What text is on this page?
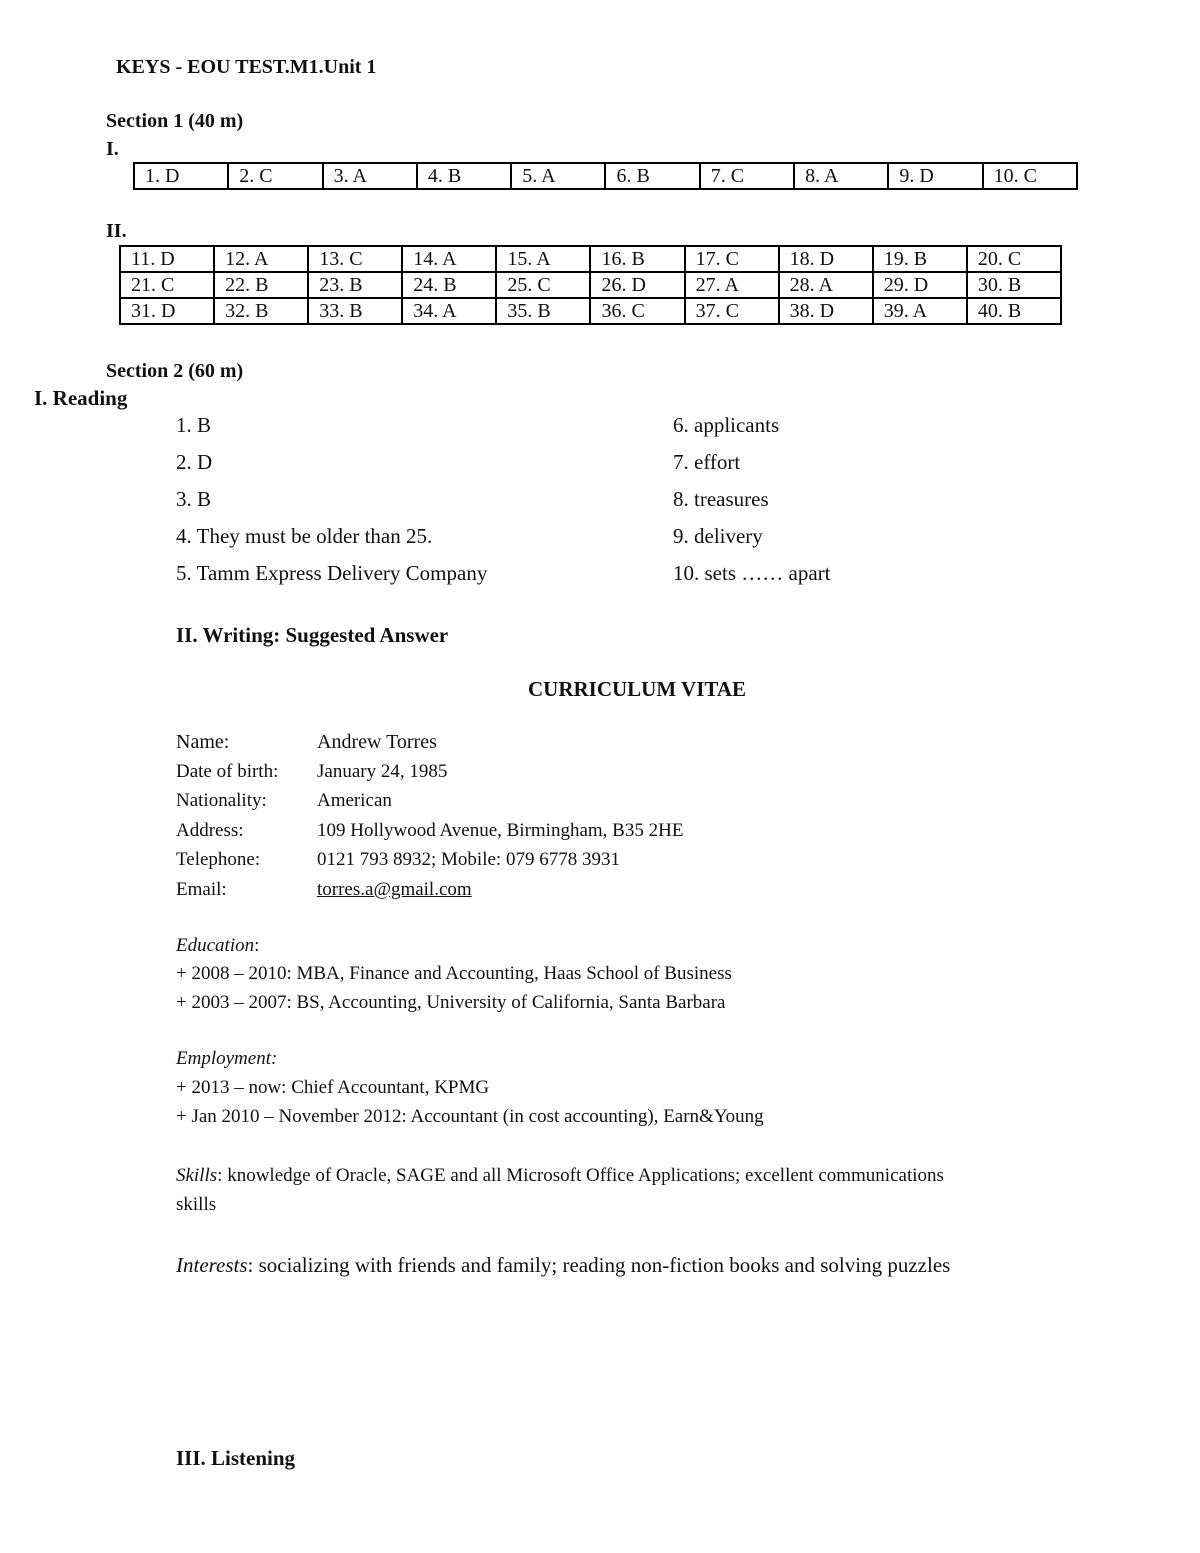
KEYS - EOU TEST.M1.Unit 1
Section 1 (40 m)
I.
1. D	2. C	3. A	4. B	5. A	6. B	7. C	8. A	9. D	10. C
II.
11. D	12. A	13. C	14. A	15. A	16. B	17. C	18. D	19. B	20. C
21. C	22. B	23. B	24. B	25. C	26. D	27. A	28. A	29. D	30. B
31. D	32. B	33. B	34. A	35. B	36. C	37. C	38. D	39. A	40. B
Section 2 (60 m)
I. Reading
1. B
2. D
3. B
4. They must be older than 25.
5. Tamm Express Delivery Company
6. applicants
7. effort
8. treasures
9. delivery
10. sets …… apart
II. Writing: Suggested Answer
CURRICULUM VITAE
Name:	Andrew Torres
Date of birth: January 24, 1985
Nationality:	American
Address:	109 Hollywood Avenue, Birmingham, B35 2HE
Telephone:	0121 793 8932; Mobile: 079 6778 3931
Email:	torres.a@gmail.com
Education:
+ 2008 – 2010: MBA, Finance and Accounting, Haas School of Business
+ 2003 – 2007: BS, Accounting, University of California, Santa Barbara
Employment:
+ 2013 – now: Chief Accountant, KPMG
+ Jan 2010 – November 2012: Accountant (in cost accounting), Earn&Young
Skills: knowledge of Oracle, SAGE and all Microsoft Office Applications; excellent communications
skills
Interests: socializing with friends and family; reading non-fiction books and solving puzzles
III. Listening
